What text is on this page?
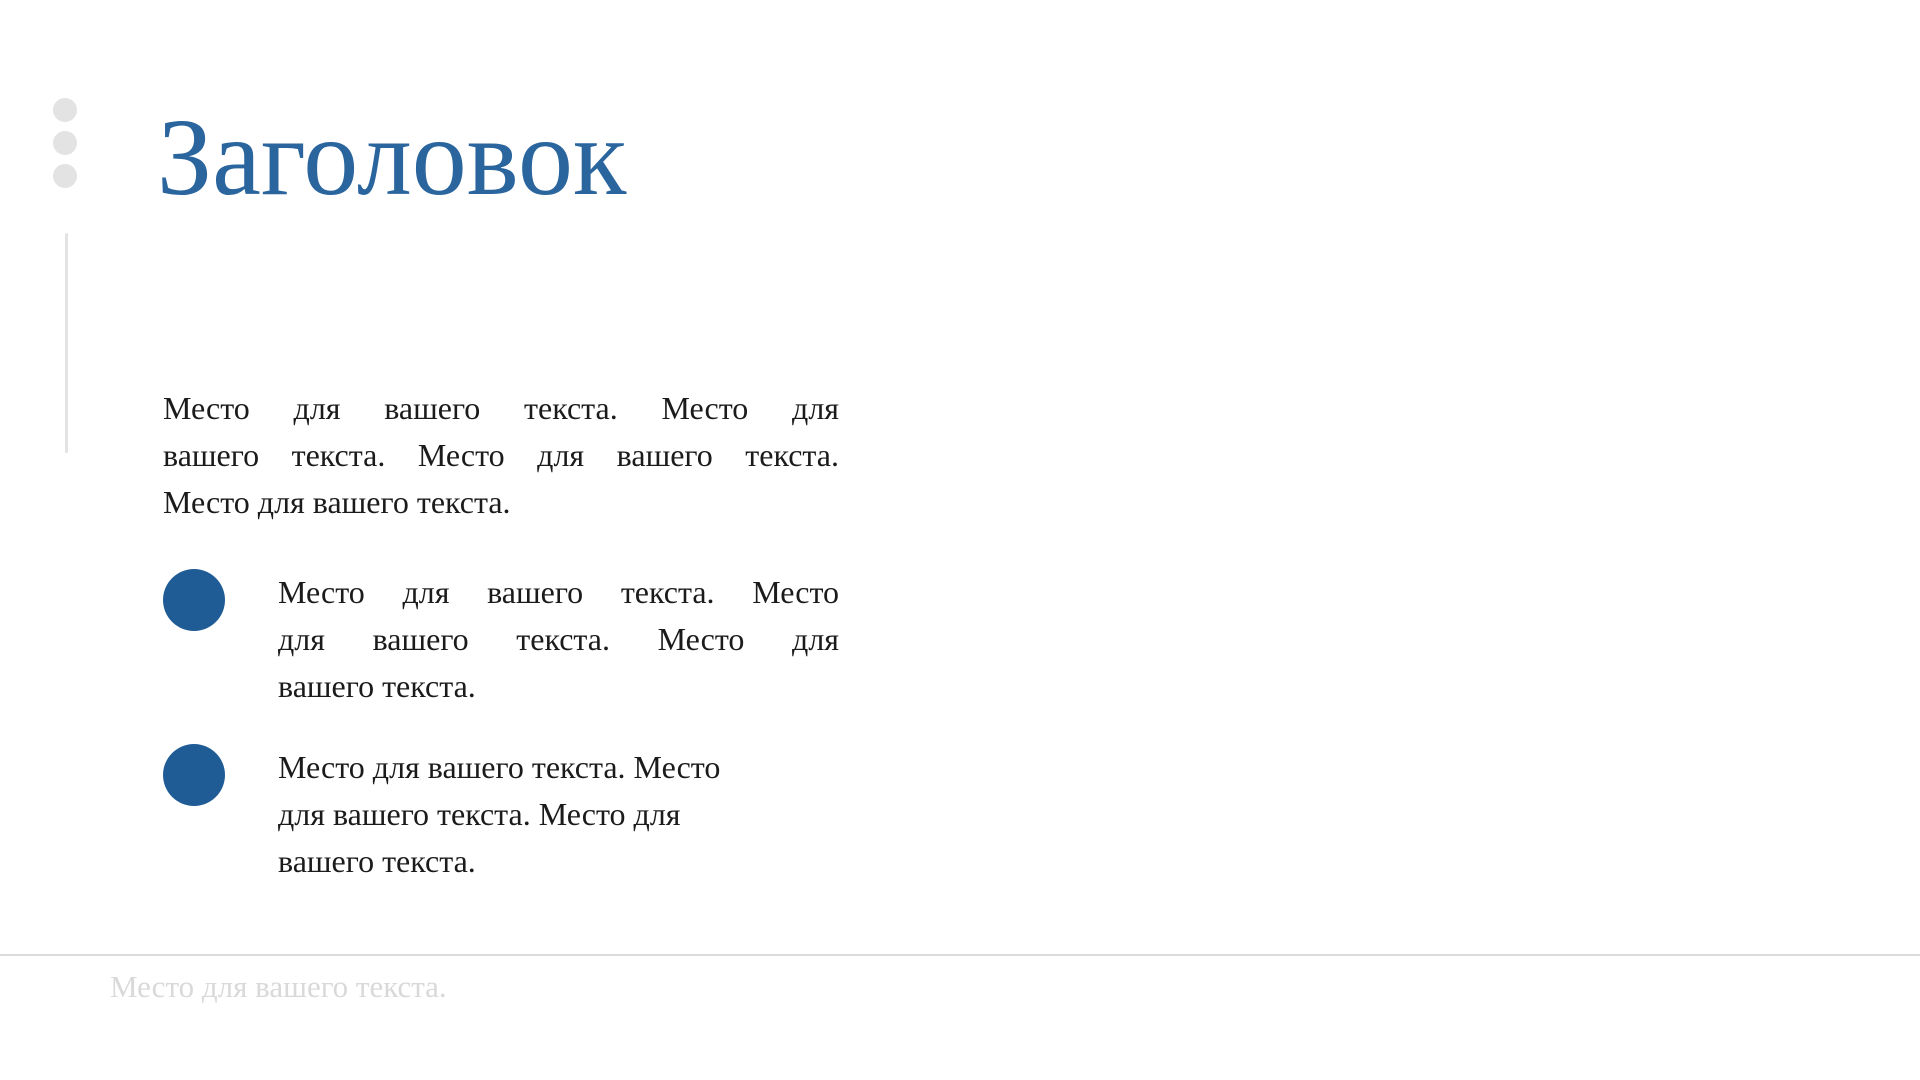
Заголовок
Место для вашего текста. Место для
вашего текста. Место для вашего текста.
Место для вашего текста.
Место для вашего текста. Место
для вашего текста. Место для
вашего текста.
Место для вашего текста. Место
для вашего текста. Место для
вашего текста.
Место для вашего текста.
